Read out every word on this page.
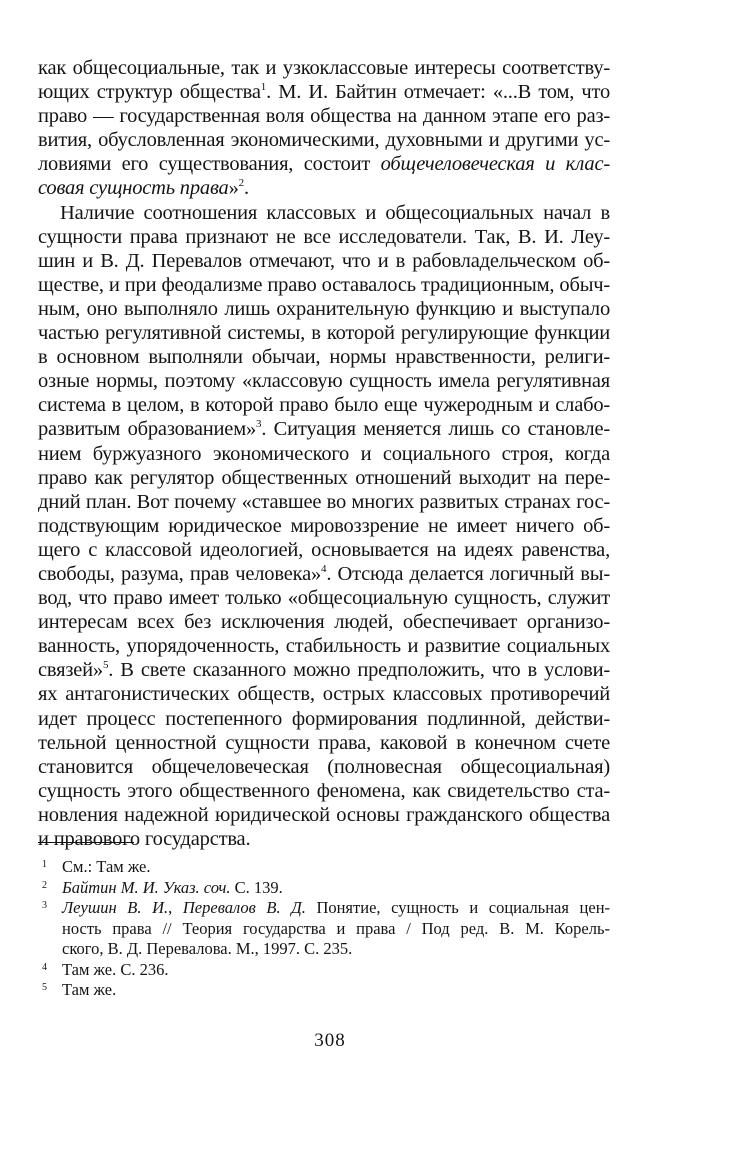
как общесоциальные, так и узкоклассовые интересы соответству-
ющих структур общества$^1$. М. И. Байтин отмечает: «...В том, что
право — государственная воля общества на данном этапе его раз-
вития, обусловленная экономическими, духовными и другими ус-
ловиями его существования, состоит общечеловеческая и клас-
совая сущность права»$^2$.
Наличие соотношения классовых и общесоциальных начал в
сущности права признают не все исследователи. Так, В. И. Леу-
шин и В. Д. Перевалов отмечают, что и в рабовладельческом об-
ществе, и при феодализме право оставалось традиционным, обыч-
ным, оно выполняло лишь охранительную функцию и выступало
частью регулятивной системы, в которой регулирующие функции
в основном выполняли обычаи, нормы нравственности, религи-
озные нормы, поэтому «классовую сущность имела регулятивная
система в целом, в которой право было еще чужеродным и слабо-
развитым образованием»$^3$. Ситуация меняется лишь со становле-
нием буржуазного экономического и социального строя, когда
право как регулятор общественных отношений выходит на пере-
дний план. Вот почему «ставшее во многих развитых странах гос-
подствующим юридическое мировоззрение не имеет ничего об-
щего с классовой идеологией, основывается на идеях равенства,
свободы, разума, прав человека»$^4$. Отсюда делается логичный вы-
вод, что право имеет только «общесоциальную сущность, служит
интересам всех без исключения людей, обеспечивает организо-
ванность, упорядоченность, стабильность и развитие социальных
связей»$^5$. В свете сказанного можно предположить, что в услови-
ях антагонистических обществ, острых классовых противоречий
идет процесс постепенного формирования подлинной, действи-
тельной ценностной сущности права, каковой в конечном счете
становится общечеловеческая (полновесная общесоциальная)
сущность этого общественного феномена, как свидетельство ста-
новления надежной юридической основы гражданского общества
и правового государства.
1 См.: Там же.
2 Байтин М. И. Указ. соч. С. 139.
3 Леушин В. И., Перевалов В. Д. Понятие, сущность и социальная цен-
ность права // Теория государства и права / Под ред. В. М. Корель-
ского, В. Д. Перевалова. М., 1997. С. 235.
4 Там же. С. 236.
5 Там же.
308
